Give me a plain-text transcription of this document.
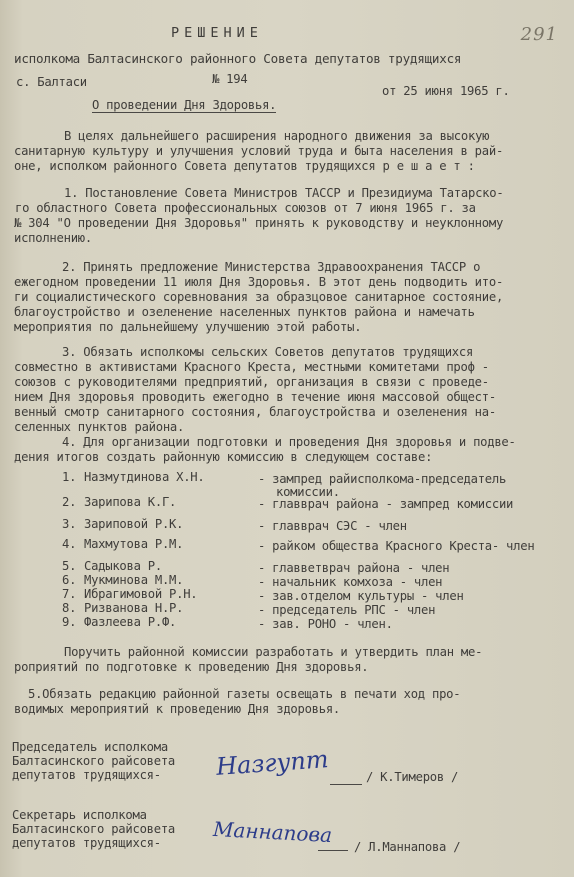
291
РЕШЕНИЕ
исполкома Балтасинского районного Совета депутатов трудящихся
с. Балтаси	№ 194
от 25 июня 1965 г.
О проведении Дня Здоровья.
В целях дальнейшего расширения народного движения за высокую
санитарную культуру и улучшения условий труда и быта населения в рай-
оне, исполком районного Совета депутатов трудящихся р е ш а е т :
1. Постановление Совета Министров ТАССР и Президиума Татарско-
го областного Совета профессиональных союзов от 7 июня 1965 г. за
№ 304 "О проведении Дня Здоровья" принять к руководству и неуклонному
исполнению.
2. Принять предложение Министерства Здравоохранения ТАССР о
ежегодном проведении 11 июля Дня Здоровья. В этот день подводить ито-
ги социалистического соревнования за образцовое санитарное состояние,
благоустройство и озеленение населенных пунктов района и намечать
мероприятия по дальнейшему улучшению этой работы.
3. Обязать исполкомы сельских Советов депутатов трудящихся
совместно в активистами Красного Креста, местными комитетами проф -
союзов с руководителями предприятий, организация в связи с проведе-
нием Дня здоровья проводить ежегодно в течение июня массовой общест-
венный смотр санитарного состояния, благоустройства и озеленения на-
селенных пунктов района.
4. Для организации подготовки и проведения Дня здоровья и подве-
дения итогов создать районную комиссию в следующем составе:
1. Назмутдинова Х.Н.	- зампред райисполкома-председатель
комиссии.
2. Зарипова К.Г.	- главврач района - зампред комиссии
3. Зариповой Р.К.	- главврач СЭС - член
4. Махмутова Р.М.	- райком общества Красного Креста- член
5. Садыкова Р.	- главветврач района - член
6. Мукминова М.М.	- начальник комхоза - член
7. Ибрагимовой Р.Н.	- зав.отделом культуры - член
8. Ризванова Н.Р.	- председатель РПС - член
9. Фазлеева Р.Ф.	- зав. РОНО - член.
Поручить районной комиссии разработать и утвердить план ме-
роприятий по подготовке к проведению Дня здоровья.
5.Обязать редакцию районной газеты освещать в печати ход про-
водимых мероприятий к проведению Дня здоровья.
Председатель исполкома
Балтасинского райсовета
депутатов трудящихся- Назгупт	/ К.Тимеров /
Секретарь исполкома
Балтасинского райсовета
депутатов трудящихся-	Маннапова / Л.Маннапова /
